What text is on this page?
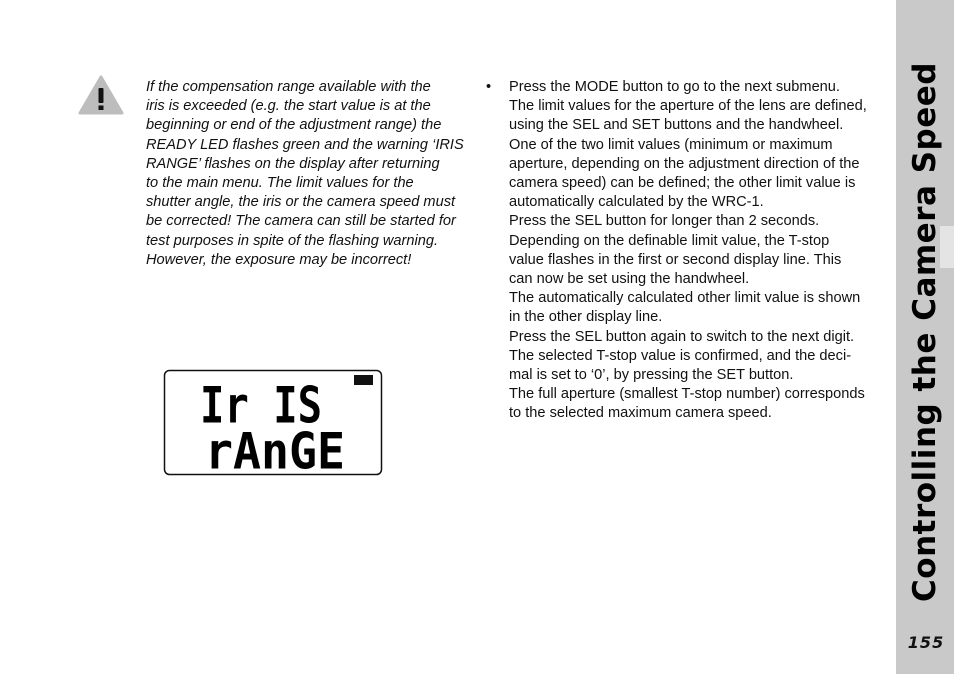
Controlling the Camera Speed
155
If the compensation range available with the
iris is exceeded (e.g. the start value is at the
beginning or end of the adjustment range) the
READY LED flashes green and the warning ‘IRIS
RANGE’ flashes on the display after returning
to the main menu. The limit values for the
shutter angle, the iris or the camera speed must
be corrected! The camera can still be started for
test purposes in spite of the flashing warning.
However, the exposure may be incorrect!
Ir IS
rAnGE
• Press the MODE button to go to the next submenu.
The limit values for the aperture of the lens are defined,
using the SEL and SET buttons and the handwheel.
One of the two limit values (minimum or maximum
aperture, depending on the adjustment direction of the
camera speed) can be defined; the other limit value is
automatically calculated by the WRC-1.
Press the SEL button for longer than 2 seconds.
Depending on the definable limit value, the T-stop
value flashes in the first or second display line. This
can now be set using the handwheel.
The automatically calculated other limit value is shown
in the other display line.
Press the SEL button again to switch to the next digit.
The selected T-stop value is confirmed, and the deci-
mal is set to ‘0’, by pressing the SET button.
The full aperture (smallest T-stop number) corresponds
to the selected maximum camera speed.
